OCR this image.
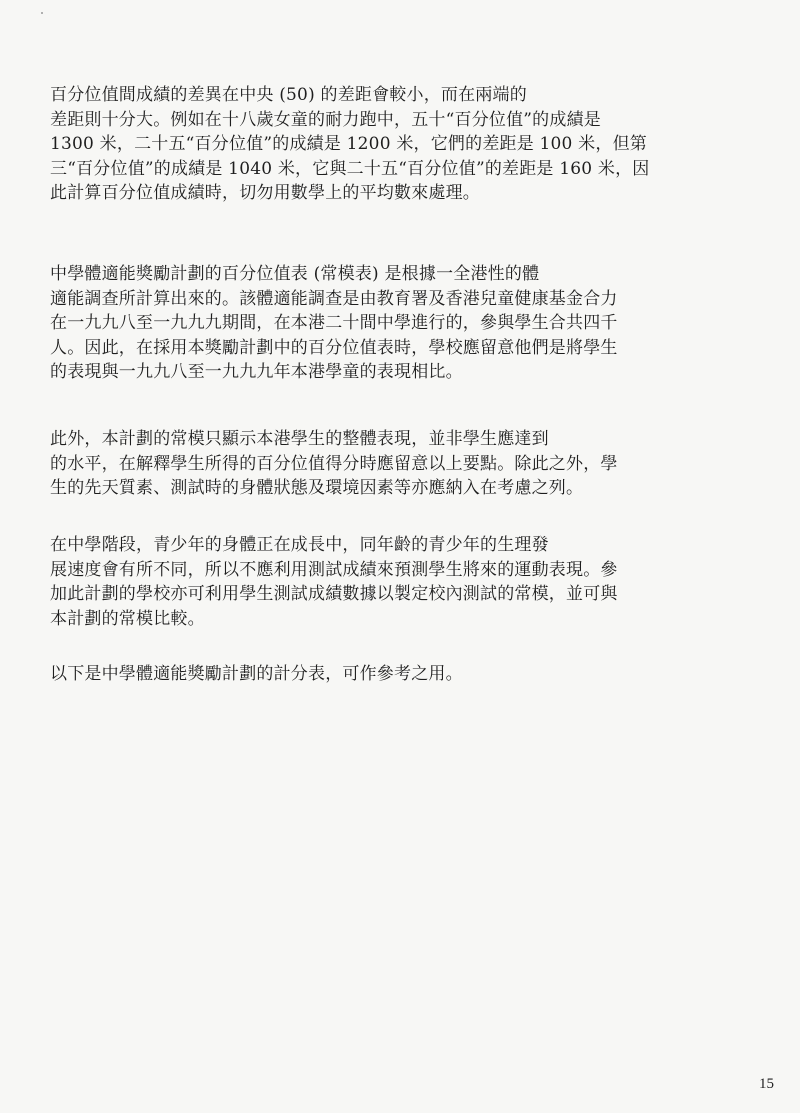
百分位值間成績的差異在中央 (50) 的差距會較小，而在兩端的
差距則十分大。例如在十八歲女童的耐力跑中，五十“百分位值”的成績是
1300 米，二十五“百分位值”的成績是 1200 米，它們的差距是 100 米，但第
三“百分位值”的成績是 1040 米，它與二十五“百分位值”的差距是 160 米，因
此計算百分位值成績時，切勿用數學上的平均數來處理。
中學體適能獎勵計劃的百分位值表 (常模表) 是根據一全港性的體
適能調查所計算出來的。該體適能調查是由教育署及香港兒童健康基金合力
在一九九八至一九九九期間，在本港二十間中學進行的，參與學生合共四千
人。因此，在採用本獎勵計劃中的百分位值表時，學校應留意他們是將學生
的表現與一九九八至一九九九年本港學童的表現相比。
此外，本計劃的常模只顯示本港學生的整體表現，並非學生應達到
的水平，在解釋學生所得的百分位值得分時應留意以上要點。除此之外，學
生的先天質素、測試時的身體狀態及環境因素等亦應納入在考慮之列。
在中學階段，青少年的身體正在成長中，同年齡的青少年的生理發
展速度會有所不同，所以不應利用測試成績來預測學生將來的運動表現。參
加此計劃的學校亦可利用學生測試成績數據以製定校內測試的常模，並可與
本計劃的常模比較。
以下是中學體適能獎勵計劃的計分表，可作參考之用。
15
